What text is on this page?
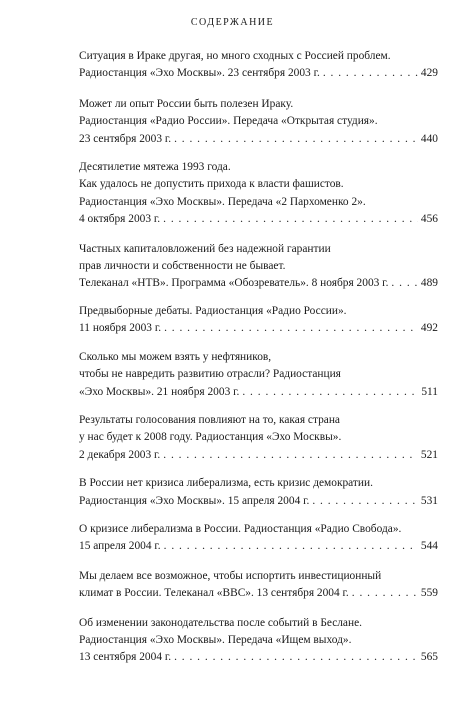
СОДЕРЖАНИЕ
Ситуация в Ираке другая, но много сходных с Россией проблем.
Радиостанция «Эхо Москвы». 23 сентября 2003 г. . . .	429
Может ли опыт России быть полезен Ираку.
Радиостанция «Радио России». Передача «Открытая студия».
23 сентября 2003 г. . . .	440
Десятилетие мятежа 1993 года.
Как удалось не допустить прихода к власти фашистов.
Радиостанция «Эхо Москвы». Передача «2 Пархоменко 2».
4 октября 2003 г. . . .	456
Частных капиталовложений без надежной гарантии
прав личности и собственности не бывает.
Телеканал «НТВ». Программа «Обозреватель». 8 ноября 2003 г. . . .	489
Предвыборные дебаты. Радиостанция «Радио России».
11 ноября 2003 г. . . .	492
Сколько мы можем взять у нефтяников,
чтобы не навредить развитию отрасли? Радиостанция
«Эхо Москвы». 21 ноября 2003 г. . . .	511
Результаты голосования повлияют на то, какая страна
у нас будет к 2008 году. Радиостанция «Эхо Москвы».
2 декабря 2003 г. . . .	521
В России нет кризиса либерализма, есть кризис демократии.
Радиостанция «Эхо Москвы». 15 апреля 2004 г. . . .	531
О кризисе либерализма в России. Радиостанция «Радио Свобода».
15 апреля 2004 г. . . .	544
Мы делаем все возможное, чтобы испортить инвестиционный
климат в России. Телеканал «BBC». 13 сентября 2004 г. . . .	559
Об изменении законодательства после событий в Беслане.
Радиостанция «Эхо Москвы». Передача «Ищем выход».
13 сентября 2004 г. . . .	565
